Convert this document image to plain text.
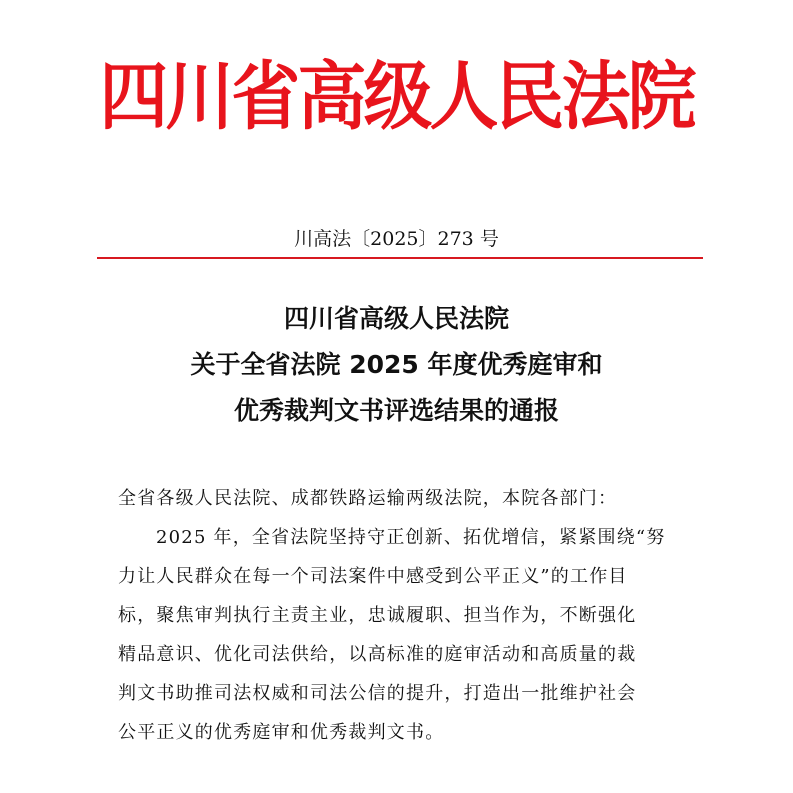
四川省高级人民法院
川高法〔2025〕273 号
四川省高级人民法院
关于全省法院 2025 年度优秀庭审和
优秀裁判文书评选结果的通报
全省各级人民法院、成都铁路运输两级法院，本院各部门：
2025 年，全省法院坚持守正创新、拓优增信，紧紧围绕“努
力让人民群众在每一个司法案件中感受到公平正义”的工作目
标，聚焦审判执行主责主业，忠诚履职、担当作为，不断强化
精品意识、优化司法供给，以高标准的庭审活动和高质量的裁
判文书助推司法权威和司法公信的提升，打造出一批维护社会
公平正义的优秀庭审和优秀裁判文书。
